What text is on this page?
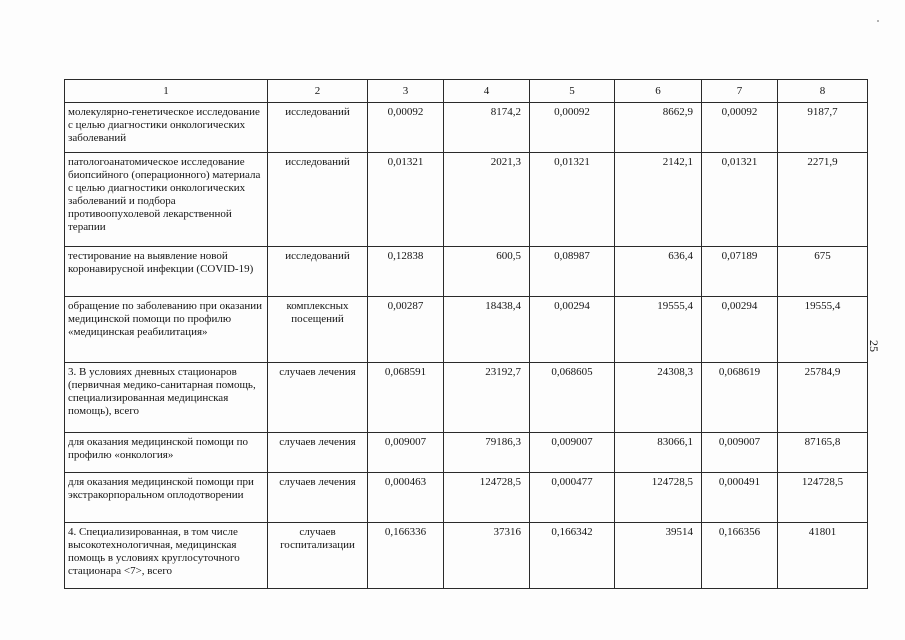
1	2	3	4	5	6	7	8
молекулярно-генетическое исследование с целью диагностики онкологических заболеваний	исследований	0,00092	8174,2	0,00092	8662,9	0,00092	9187,7
патологоанатомическое исследование биопсийного (операционного) материала с целью диагностики онкологических заболеваний и подбора противоопухолевой лекарственной терапии	исследований	0,01321	2021,3	0,01321	2142,1	0,01321	2271,9
тестирование на выявление новой коронавирусной инфекции (COVID-19)	исследований	0,12838	600,5	0,08987	636,4	0,07189	675
обращение по заболеванию при оказании медицинской помощи по профилю «медицинская реабилитация»	комплексных посещений	0,00287	18438,4	0,00294	19555,4	0,00294	19555,4
3. В условиях дневных стационаров (первичная медико-санитарная помощь, специализированная медицинская помощь), всего	случаев лечения	0,068591	23192,7	0,068605	24308,3	0,068619	25784,9
для оказания медицинской помощи по профилю «онкология»	случаев лечения	0,009007	79186,3	0,009007	83066,1	0,009007	87165,8
для оказания медицинской помощи при экстракорпоральном оплодотворении	случаев лечения	0,000463	124728,5	0,000477	124728,5	0,000491	124728,5
4. Специализированная, в том числе высокотехнологичная, медицинская помощь в условиях круглосуточного стационара <7>, всего	случаев госпитализации	0,166336	37316	0,166342	39514	0,166356	41801
25
